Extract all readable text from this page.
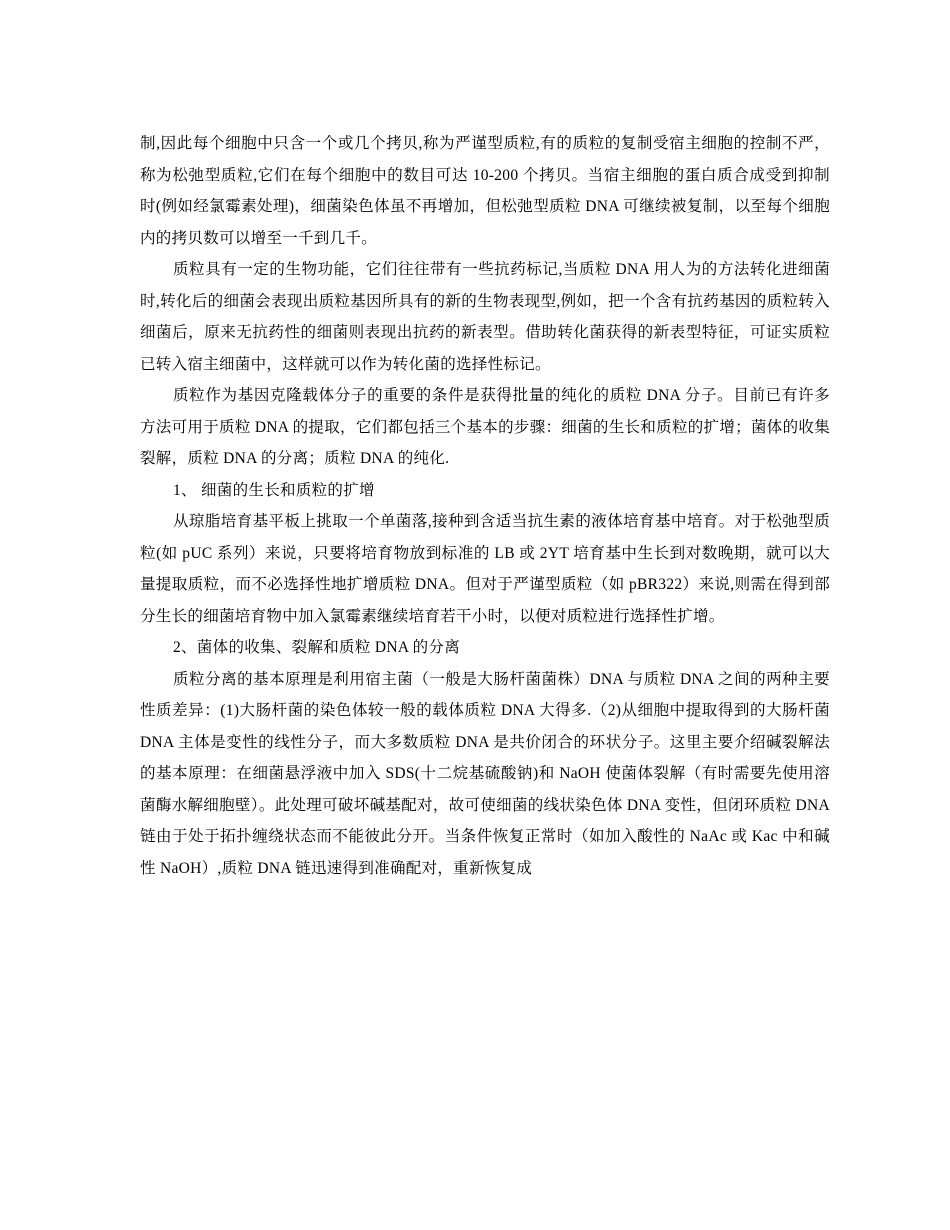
制,因此每个细胞中只含一个或几个拷贝,称为严谨型质粒,有的质粒的复制受宿主细胞的控制不严，称为松弛型质粒,它们在每个细胞中的数目可达 10-200 个拷贝。当宿主细胞的蛋白质合成受到抑制时(例如经氯霉素处理)，细菌染色体虽不再增加，但松弛型质粒 DNA 可继续被复制，以至每个细胞内的拷贝数可以增至一千到几千。

质粒具有一定的生物功能，它们往往带有一些抗药标记,当质粒 DNA 用人为的方法转化进细菌时,转化后的细菌会表现出质粒基因所具有的新的生物表现型,例如，把一个含有抗药基因的质粒转入细菌后，原来无抗药性的细菌则表现出抗药的新表型。借助转化菌获得的新表型特征，可证实质粒已转入宿主细菌中，这样就可以作为转化菌的选择性标记。

质粒作为基因克隆载体分子的重要的条件是获得批量的纯化的质粒 DNA 分子。目前已有许多方法可用于质粒 DNA 的提取，它们都包括三个基本的步骤：细菌的生长和质粒的扩增；菌体的收集裂解，质粒 DNA 的分离；质粒 DNA 的纯化.

1、 细菌的生长和质粒的扩增

从琼脂培育基平板上挑取一个单菌落,接种到含适当抗生素的液体培育基中培育。对于松弛型质粒(如 pUC 系列）来说，只要将培育物放到标准的 LB 或 2YT 培育基中生长到对数晚期，就可以大量提取质粒，而不必选择性地扩增质粒 DNA。但对于严谨型质粒（如 pBR322）来说,则需在得到部分生长的细菌培育物中加入氯霉素继续培育若干小时，以便对质粒进行选择性扩增。

2、菌体的收集、裂解和质粒 DNA 的分离

质粒分离的基本原理是利用宿主菌（一般是大肠杆菌菌株）DNA 与质粒 DNA 之间的两种主要性质差异：(1)大肠杆菌的染色体较一般的载体质粒 DNA 大得多.（2)从细胞中提取得到的大肠杆菌 DNA 主体是变性的线性分子，而大多数质粒 DNA 是共价闭合的环状分子。这里主要介绍碱裂解法的基本原理：在细菌悬浮液中加入 SDS(十二烷基硫酸钠)和 NaOH 使菌体裂解（有时需要先使用溶菌酶水解细胞壁）。此处理可破坏碱基配对，故可使细菌的线状染色体 DNA 变性，但闭环质粒 DNA 链由于处于拓扑缠绕状态而不能彼此分开。当条件恢复正常时（如加入酸性的 NaAc 或 Kac 中和碱性 NaOH）,质粒 DNA 链迅速得到准确配对，重新恢复成
